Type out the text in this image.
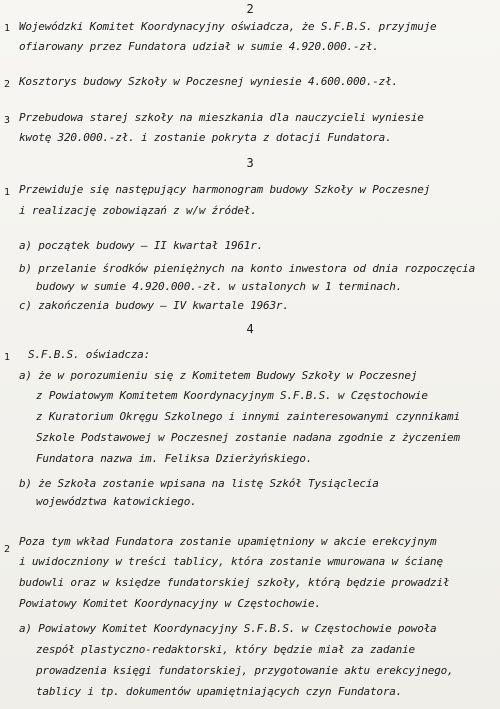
2
1 Wojewódzki Komitet Koordynacyjny oświadcza, że S.F.B.S. przyjmuje
ofiarowany przez Fundatora udział w sumie 4.920.000.-zł.
2 Kosztorys budowy Szkoły w Poczesnej wyniesie 4.600.000.-zł.
3 Przebudowa starej szkoły na mieszkania dla nauczycieli wyniesie
kwotę 320.000.-zł. i zostanie pokryta z dotacji Fundatora.
3
1 Przewiduje się następujący harmonogram budowy Szkoły w Poczesnej
i realizację zobowiązań z w/w źródeł.
a) początek budowy — II kwartał 1961r.
b) przelanie środków pieniężnych na konto inwestora od dnia rozpoczęcia
budowy w sumie 4.920.000.-zł. w ustalonych w 1 terminach.
c) zakończenia budowy — IV kwartale 1963r.
4
1 S.F.B.S. oświadcza:
a) że w porozumieniu się z Komitetem Budowy Szkoły w Poczesnej
z Powiatowym Komitetem Koordynacyjnym S.F.B.S. w Częstochowie
z Kuratorium Okręgu Szkolnego i innymi zainteresowanymi czynnikami
Szkole Podstawowej w Poczesnej zostanie nadana zgodnie z życzeniem
Fundatora nazwa im. Feliksa Dzierżyńskiego.
b) że Szkoła zostanie wpisana na listę Szkół Tysiąclecia
województwa katowickiego.
2
Poza tym wkład Fundatora zostanie upamiętniony w akcie erekcyjnym
i uwidoczniony w treści tablicy, która zostanie wmurowana w ścianę
budowli oraz w księdze fundatorskiej szkoły, którą będzie prowadził
Powiatowy Komitet Koordynacyjny w Częstochowie.
a) Powiatowy Komitet Koordynacyjny S.F.B.S. w Częstochowie powoła
zespół plastyczno-redaktorski, który będzie miał za zadanie
prowadzenia księgi fundatorskiej, przygotowanie aktu erekcyjnego,
tablicy i tp. dokumentów upamiętniających czyn Fundatora.
